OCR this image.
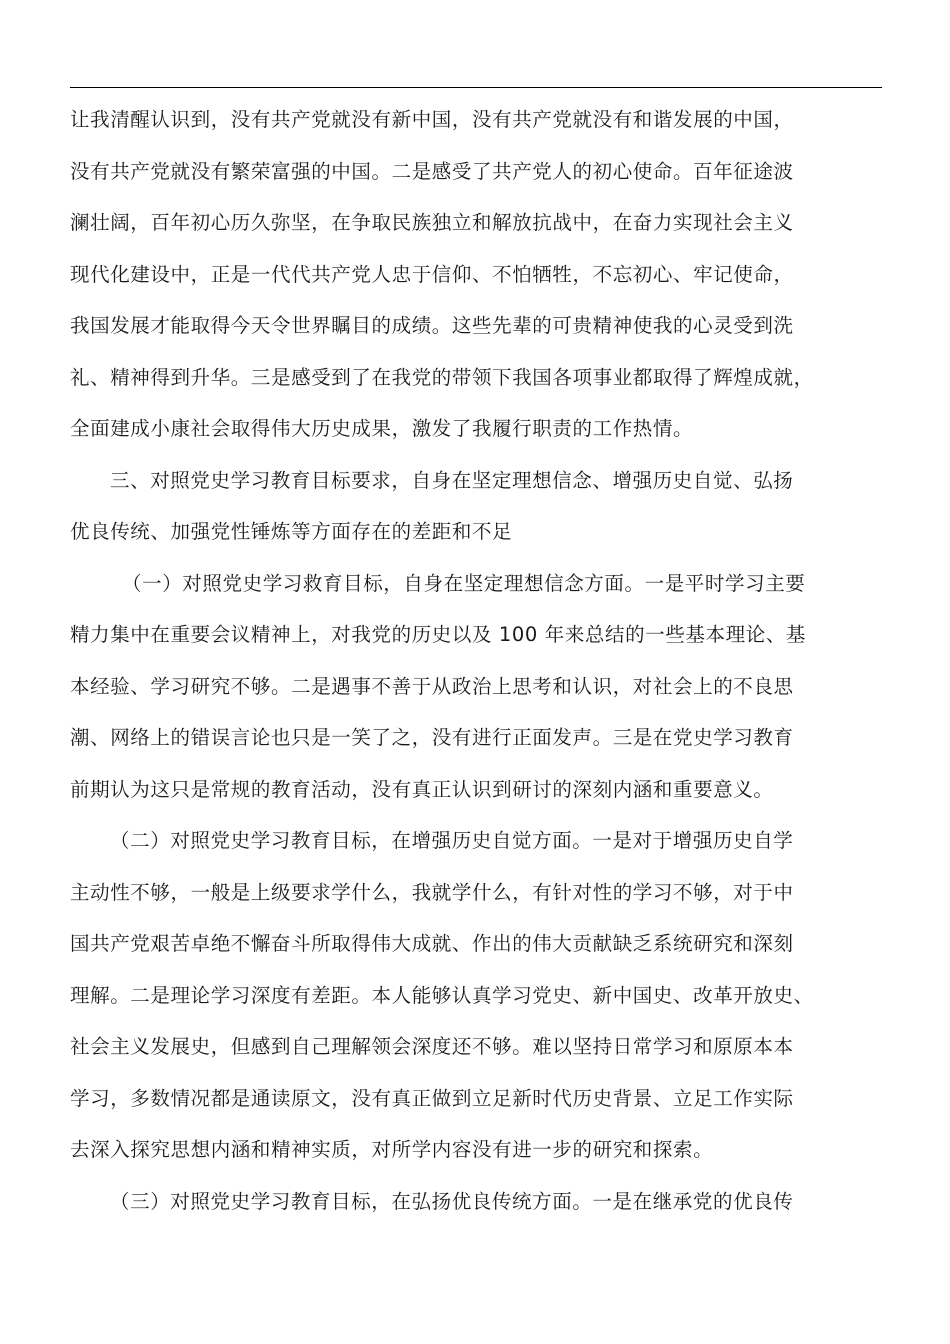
让我清醒认识到，没有共产党就没有新中国，没有共产党就没有和谐发展的中国，
没有共产党就没有繁荣富强的中国。二是感受了共产党人的初心使命。百年征途波
澜壮阔，百年初心历久弥坚，在争取民族独立和解放抗战中，在奋力实现社会主义
现代化建设中，正是一代代共产党人忠于信仰、不怕牺牲，不忘初心、牢记使命，
我国发展才能取得今天令世界瞩目的成绩。这些先辈的可贵精神使我的心灵受到洗
礼、精神得到升华。三是感受到了在我党的带领下我国各项事业都取得了辉煌成就，
全面建成小康社会取得伟大历史成果，激发了我履行职责的工作热情。
三、对照党史学习教育目标要求，自身在坚定理想信念、增强历史自觉、弘扬
优良传统、加强党性锤炼等方面存在的差距和不足
（一）对照党史学习救育目标，自身在坚定理想信念方面。一是平时学习主要
精力集中在重要会议精神上，对我党的历史以及 100 年来总结的一些基本理论、基
本经验、学习研究不够。二是遇事不善于从政治上思考和认识，对社会上的不良思
潮、网络上的错误言论也只是一笑了之，没有进行正面发声。三是在党史学习教育
前期认为这只是常规的教育活动，没有真正认识到研讨的深刻内涵和重要意义。
（二）对照党史学习教育目标，在增强历史自觉方面。一是对于增强历史自学
主动性不够，一般是上级要求学什么，我就学什么，有针对性的学习不够，对于中
国共产党艰苦卓绝不懈奋斗所取得伟大成就、作出的伟大贡献缺乏系统研究和深刻
理解。二是理论学习深度有差距。本人能够认真学习党史、新中国史、改革开放史、
社会主义发展史，但感到自己理解领会深度还不够。难以坚持日常学习和原原本本
学习，多数情况都是通读原文，没有真正做到立足新时代历史背景、立足工作实际
去深入探究思想内涵和精神实质，对所学内容没有进一步的研究和探索。
（三）对照党史学习教育目标，在弘扬优良传统方面。一是在继承党的优良传
